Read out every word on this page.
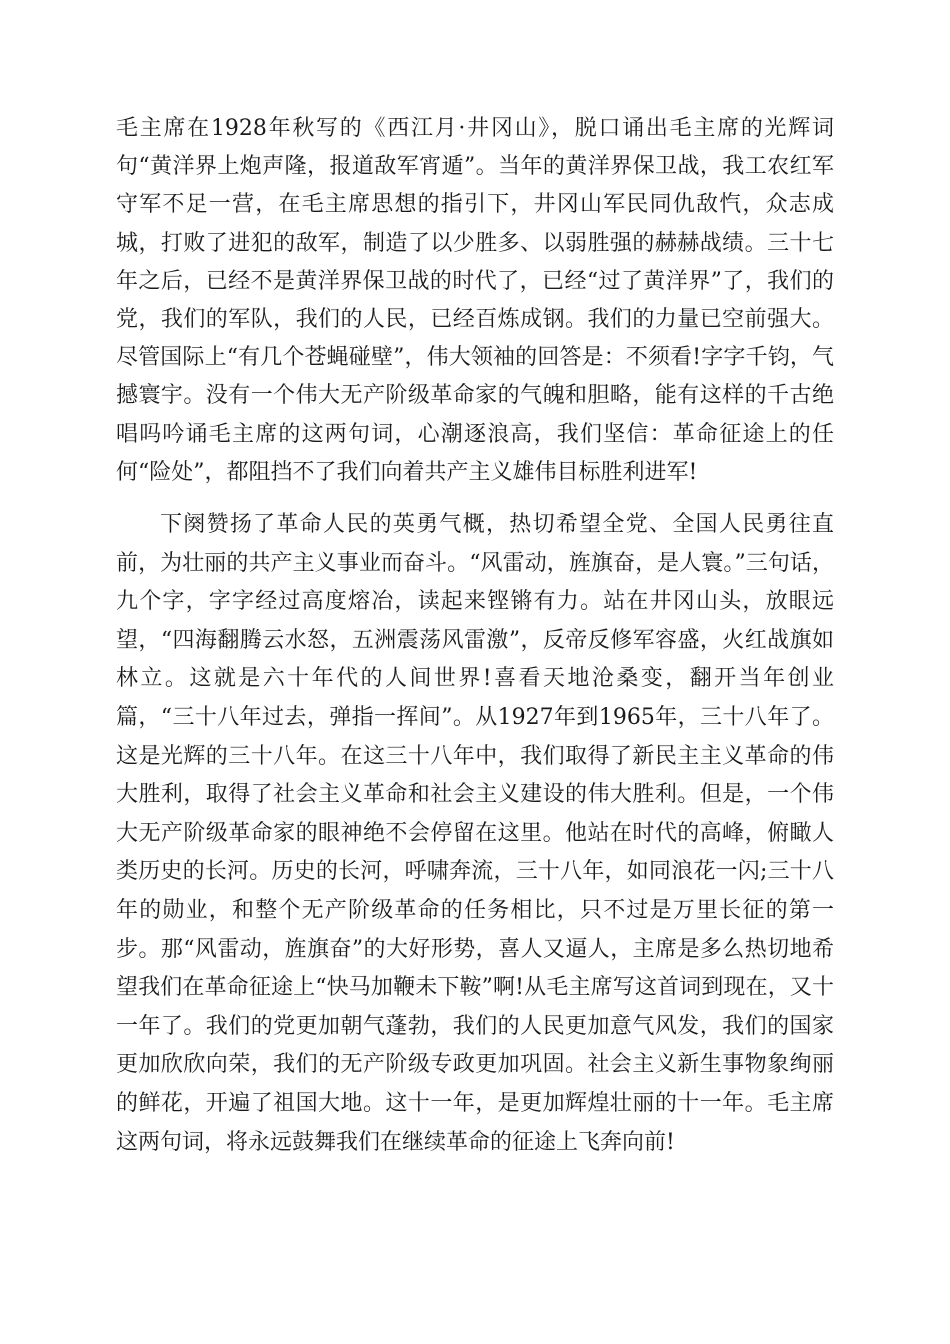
毛主席在1928年秋写的《西江月·井冈山》，脱口诵出毛主席的光辉词句“黄洋界上炮声隆，报道敌军宵遁”。当年的黄洋界保卫战，我工农红军守军不足一营，在毛主席思想的指引下，井冈山军民同仇敌忾，众志成城，打败了进犯的敌军，制造了以少胜多、以弱胜强的赫赫战绩。三十七年之后，已经不是黄洋界保卫战的时代了，已经“过了黄洋界”了，我们的党，我们的军队，我们的人民，已经百炼成钢。我们的力量已空前强大。尽管国际上“有几个苍蝇碰壁”，伟大领袖的回答是：不须看!字字千钧，气撼寰宇。没有一个伟大无产阶级革命家的气魄和胆略，能有这样的千古绝唱吗吟诵毛主席的这两句词，心潮逐浪高，我们坚信：革命征途上的任何“险处”，都阻挡不了我们向着共产主义雄伟目标胜利进军!

下阕赞扬了革命人民的英勇气概，热切希望全党、全国人民勇往直前，为壮丽的共产主义事业而奋斗。“风雷动，旌旗奋，是人寰。”三句话，九个字，字字经过高度熔冶，读起来铿锵有力。站在井冈山头，放眼远望，“四海翻腾云水怒，五洲震荡风雷激”，反帝反修军容盛，火红战旗如林立。这就是六十年代的人间世界!喜看天地沧桑变，翻开当年创业篇，“三十八年过去，弹指一挥间”。从1927年到1965年，三十八年了。这是光辉的三十八年。在这三十八年中，我们取得了新民主主义革命的伟大胜利，取得了社会主义革命和社会主义建设的伟大胜利。但是，一个伟大无产阶级革命家的眼神绝不会停留在这里。他站在时代的高峰，俯瞰人类历史的长河。历史的长河，呼啸奔流，三十八年，如同浪花一闪;三十八年的勋业，和整个无产阶级革命的任务相比，只不过是万里长征的第一步。那“风雷动，旌旗奋”的大好形势，喜人又逼人，主席是多么热切地希望我们在革命征途上“快马加鞭未下鞍”啊!从毛主席写这首词到现在，又十一年了。我们的党更加朝气蓬勃，我们的人民更加意气风发，我们的国家更加欣欣向荣，我们的无产阶级专政更加巩固。社会主义新生事物象绚丽的鲜花，开遍了祖国大地。这十一年，是更加辉煌壮丽的十一年。毛主席这两句词，将永远鼓舞我们在继续革命的征途上飞奔向前!
